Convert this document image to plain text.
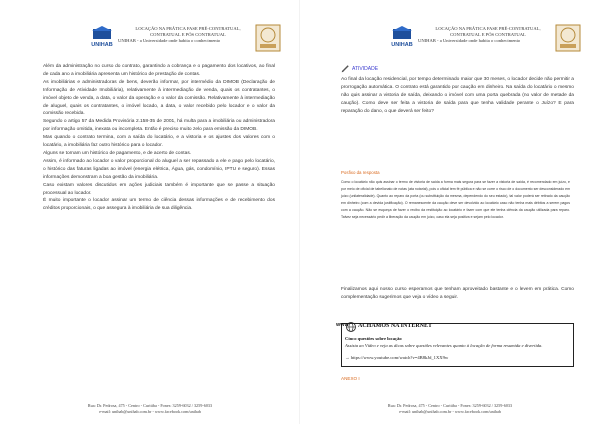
UNIHAB
LOCAÇÃO NA PRÁTICA FASE PRÉ-CONTRATUAL,
CONTRATUAL E PÓS CONTRATUAL
UNIHAB - a Universidade onde habita o conhecimento

Além da administração no curso do contrato, garantindo a cobrança e o pagamento dos locativos, ao final de cada ano a imobiliária apresenta um histórico de prestação de contas.

As imobiliárias e administradoras de bens, deverão informar, por intermédio da DIMOB (Declaração de Informação de Atividade Imobiliária), relativamente à intermediação de venda, quais os contratantes, o imóvel objeto de venda, a data, o valor da operação e o valor da comissão. Relativamente à intermediação de aluguel, quais os contratantes, o imóvel locado, a data, o valor recebido pelo locador e o valor da comissão recebida.

Segundo o artigo 57 da Medida Provisória 2.158-35 de 2001, há multa para a imobiliária ou administradora por informação omitida, inexata ou incompleta. Então é preciso muito zelo para emissão da DIMOB.

Mas quando o contrato termina, com a saída do locatário, e a vistoria e os ajustes dos valores com o locatário, a imobiliária faz outro histórico para o locador.

Alguns se tornam um histórico de pagamento, e de acerto de contas.

Assim, é informado ao locador o valor proporcional do aluguel a ser repassado a ele e pago pelo locatário, o histórico das faturas ligadas ao imóvel (energia elétrica, Água, gás, condomínio, IPTU e seguro). Essas informações demonstram a boa gestão da imobiliária.

Caso existam valores discutidos em ações judiciais também é importante que se passe a situação processual ao locador.

É muito importante o locador assinar um termo de ciência dessas informações e de recebimento dos créditos proporcionais, o que assegura à imobiliária de sua diligência.

Rua: Dr. Pedrosa, 475 - Centro - Curitiba - Fones: 3259-6032 / 3259-6033
e-mail: unihab@unihab.com.br - www.facebook.com/unihab
UNIHAB
LOCAÇÃO NA PRÁTICA FASE PRÉ-CONTRATUAL,
CONTRATUAL E PÓS CONTRATUAL
UNIHAB - a Universidade onde habita o conhecimento
Rua: Dr. Pedrosa, 475 - Centro - Curitiba - Fones: 3259-6032 / 3259-6033
e-mail: unihab@unihab.com.br - www.facebook.com/unihab
ATIVIDADE

Ao final da locação residencial, por tempo determinado maior que 30 meses, o locador decide não permitir a prorrogação automática. O contrato está garantido por caução em dinheiro. Na saída do locatário o mesmo não quis assinar a vistoria de saída, deixando o imóvel com uma porta quebrada (no valor de metade da caução). Como deve ser feita a vistoria de saída para que tenha validade perante o Juízo? E para reparação do dano, o que deverá ser feito?

Posfixo da resposta

Como o locatário não quis assinar o termo de vistoria de saída a forma mais segura para se fazer a vistoria de saída, é recomendado em juízo, e por meio de oficial de tabelionato de notas (ata notarial), pois o oficial tem fé pública e não se corre o risco de o documento ser desconsiderado em juízo (unilateralidade). Quanto ao reparo da porta (ou substituição da mesma, dependendo do seu estado), tal valor poderá ser retirado da caução em dinheiro (com a devida justificação). O remanescente da caução deve ser devolvido ao locatário caso não tenha mais débitos a serem pagos com a caução. Não se esqueça de fazer o recibo da restituição ao locatário e fazer com que ele tenha ciência da caução utilizada para reparo. Talvez seja necessário pedir a liberação da caução em juízo, caso ela seja positiva e sejam pelo locador.

Finalizamos aqui nosso curso esperamos que tenham aproveitado bastante e o levem em prática. Como complementação sugerimos que veja o vídeo a seguir.

WWW ACHAMOS NA INTERNET
Cinco questões sobre locação
Assista ao Vídeo e veja as dicas sobre questões relevantes quanto à locação de forma resumida e divertida.
→ https://www.youtube.com/watch?v=4B8kJd_1XX9w
ANEXO I
